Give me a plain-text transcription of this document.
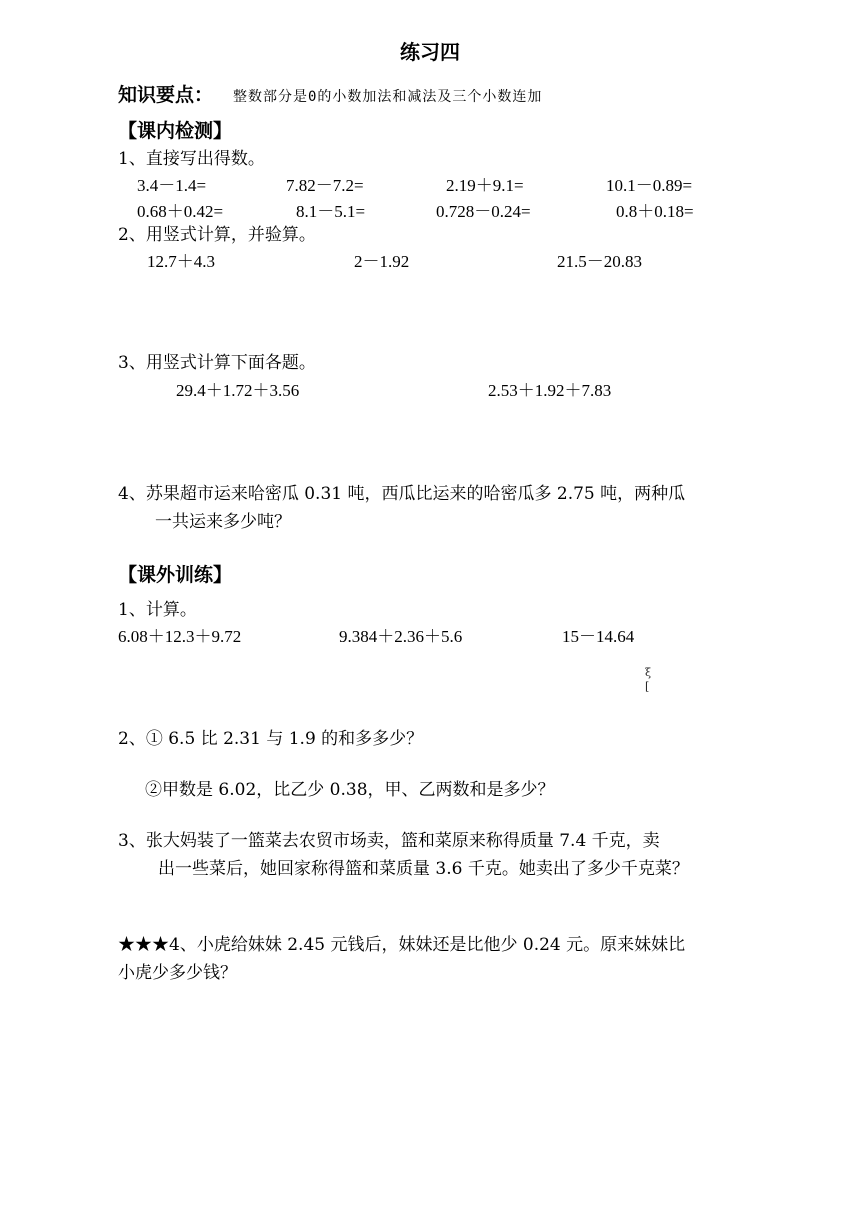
练习四
知识要点： 整数部分是0的小数加法和减法及三个小数连加
【课内检测】
1、直接写出得数。
3.4－1.4=	7.82－7.2=	2.19＋9.1=	10.1－0.89=
0.68＋0.42=	8.1－5.1=	0.728－0.24=	0.8＋0.18=
2、用竖式计算，并验算。
12.7＋4.3	2－1.92	21.5－20.83
3、用竖式计算下面各题。
29.4＋1.72＋3.56	2.53＋1.92＋7.83
4、苏果超市运来哈密瓜 0.31 吨，西瓜比运来的哈密瓜多 2.75 吨，两种瓜
一共运来多少吨？
【课外训练】
1、计算。
6.08＋12.3＋9.72	9.384＋2.36＋5.6	15－14.64
ξ
[
2、① 6.5 比 2.31 与 1.9 的和多多少？
②甲数是 6.02，比乙少 0.38，甲、乙两数和是多少？
3、张大妈装了一篮菜去农贸市场卖，篮和菜原来称得质量 7.4 千克，卖
出一些菜后，她回家称得篮和菜质量 3.6 千克。她卖出了多少千克菜？
★★★4、小虎给妹妹 2.45 元钱后，妹妹还是比他少 0.24 元。原来妹妹比
小虎少多少钱？
